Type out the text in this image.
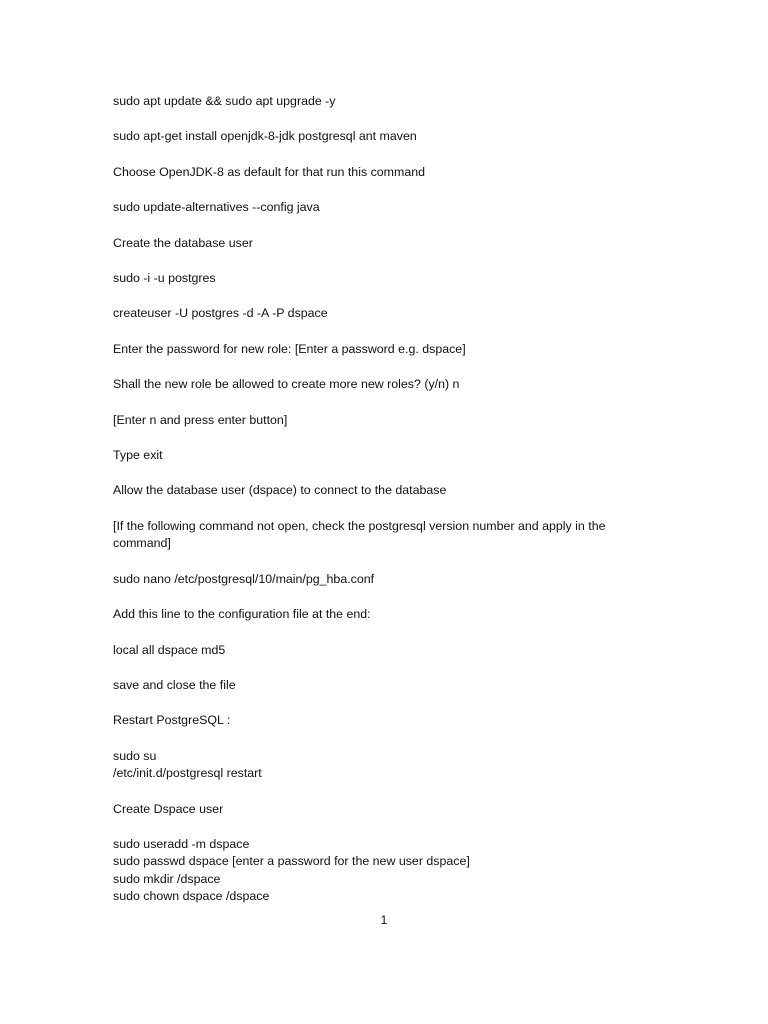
sudo apt update && sudo apt upgrade -y

sudo apt-get install openjdk-8-jdk postgresql ant maven

Choose OpenJDK-8 as default for that run this command

sudo update-alternatives --config java

Create the database user

sudo -i -u postgres

createuser -U postgres -d -A -P dspace

Enter the password for new role: [Enter a password e.g. dspace]

Shall the new role be allowed to create more new roles? (y/n) n

[Enter n and press enter button]

Type exit

Allow the database user (dspace) to connect to the database

[If the following command not open, check the postgresql version number and apply in the
command]

sudo nano /etc/postgresql/10/main/pg_hba.conf

Add this line to the configuration file at the end:

local all dspace md5

save and close the file

Restart PostgreSQL :

sudo su
/etc/init.d/postgresql restart

Create Dspace user

sudo useradd -m dspace
sudo passwd dspace [enter a password for the new user dspace]
sudo mkdir /dspace
sudo chown dspace /dspace

1
